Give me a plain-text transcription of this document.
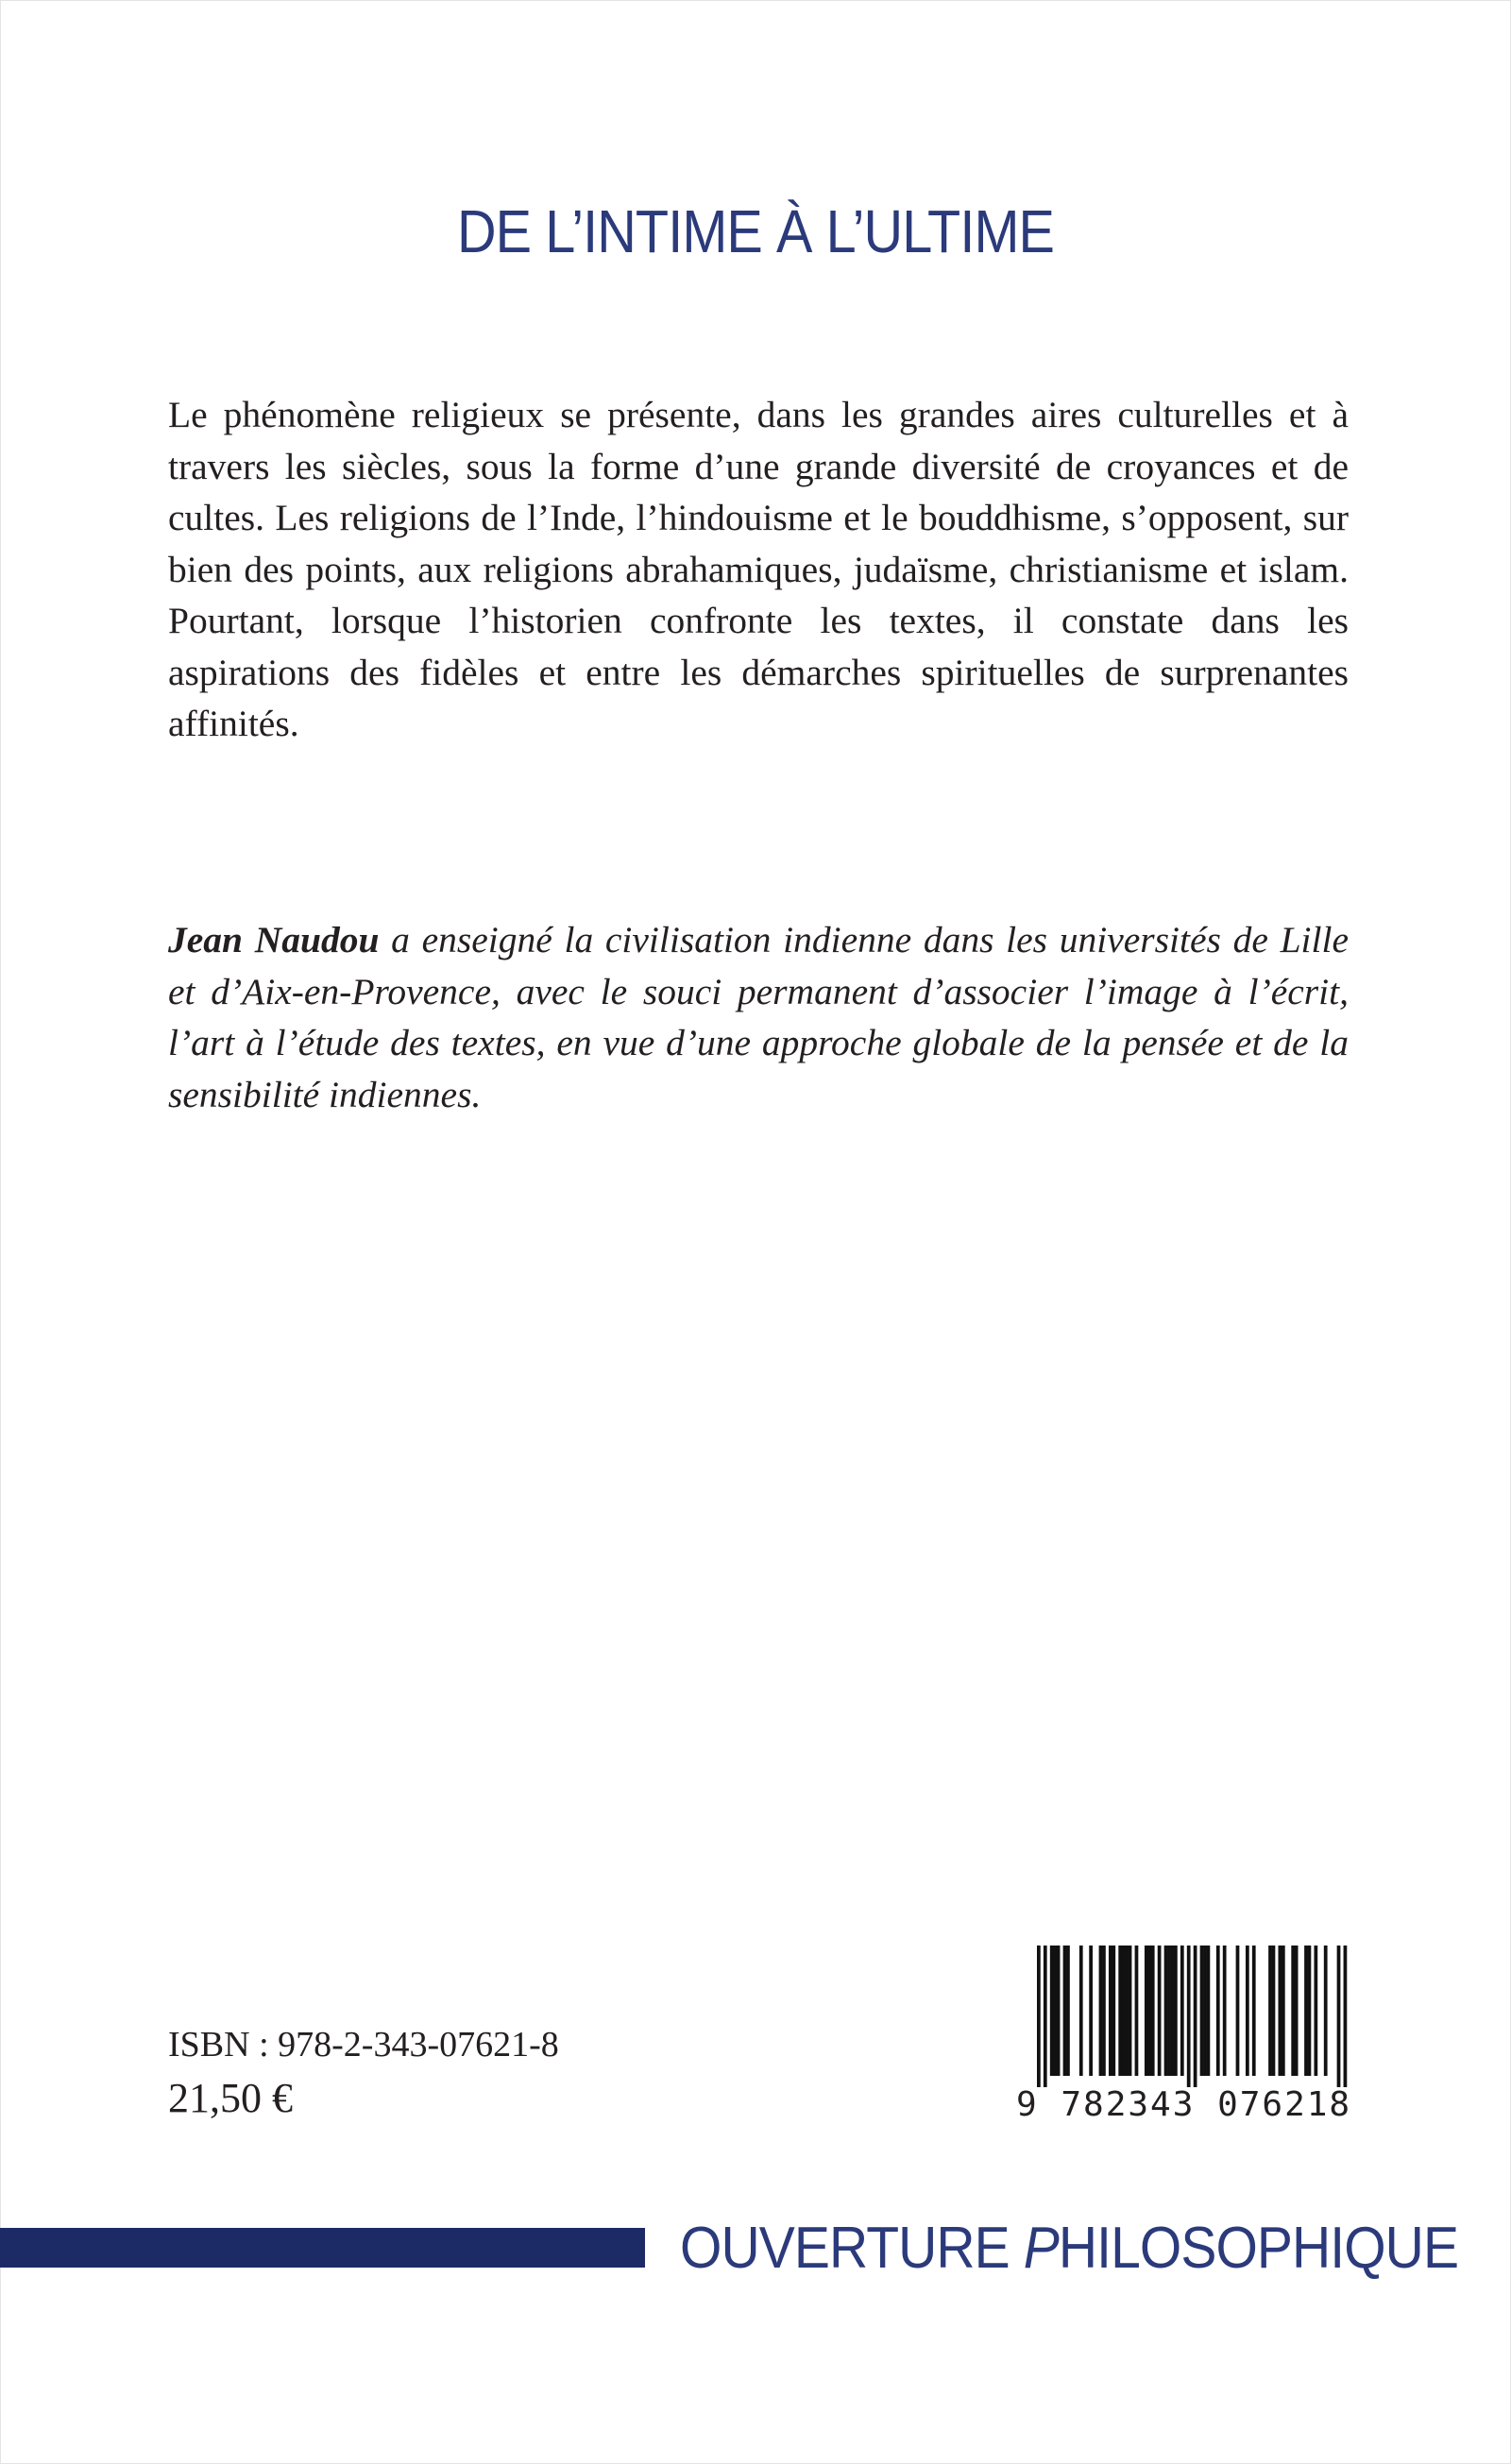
DE L’INTIME À L’ULTIME

Le phénomène religieux se présente, dans les grandes aires culturelles et à travers les siècles, sous la forme d’une grande diversité de croyances et de cultes. Les religions de l’Inde, l’hindouisme et le bouddhisme, s’opposent, sur bien des points, aux religions abrahamiques, judaïsme, christianisme et islam. Pourtant, lorsque l’historien confronte les textes, il constate dans les aspirations des fidèles et entre les démarches spirituelles de surprenantes affinités.

Jean Naudou a enseigné la civilisation indienne dans les universités de Lille et d’Aix-en-Provence, avec le souci permanent d’associer l’image à l’écrit, l’art à l’étude des textes, en vue d’une approche globale de la pensée et de la sensibilité indiennes.

ISBN : 978-2-343-07621-8
21,50 €	9 782343 076218
OUVERTURE PHILOSOPHIQUE
